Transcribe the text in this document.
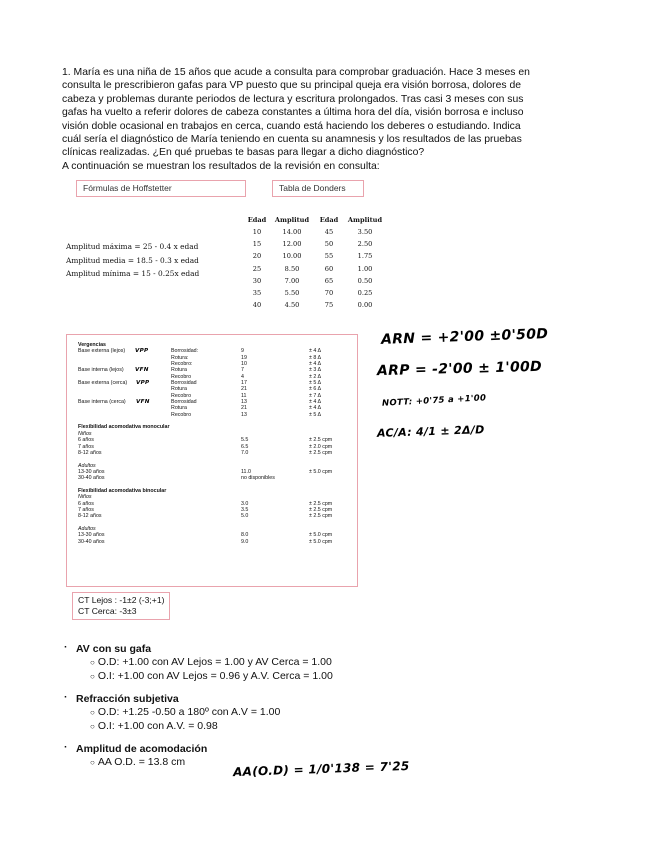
1. María es una niña de 15 años que acude a consulta para comprobar graduación. Hace 3 meses en

consulta le prescribieron gafas para VP puesto que su principal queja era visión borrosa, dolores de

cabeza y problemas durante periodos de lectura y escritura prolongados. Tras casi 3 meses con sus

gafas ha vuelto a referir dolores de cabeza constantes a última hora del día, visión borrosa e incluso

visión doble ocasional en trabajos en cerca, cuando está haciendo los deberes o estudiando. Indica

cuál sería el diagnóstico de María teniendo en cuenta su anamnesis y los resultados de las pruebas

clínicas realizadas. ¿En qué pruebas te basas para llegar a dicho diagnóstico?

A continuación se muestran los resultados de la revisión en consulta:

Fórmulas de Hoffstetter
Amplitud máxima = 25 - 0.4 x edad
Amplitud media = 18.5 - 0.3 x edad
Amplitud mínima = 15 - 0.25x edad
Tabla de Donders
Edad	Amplitud	Edad	Amplitud
10	14.00	45	3.50
15	12.00	50	2.50
20	10.00	55	1.75
25	8.50	60	1.00
30	7.00	65	0.50
35	5.50	70	0.25
40	4.50	75	0.00
Vergencias
Base externa (lejos) VPP	Borrosidad:	9	± 4 Δ
Rotura:	19	± 8 Δ
Recobro:	10	± 4 Δ
Base interna (lejos) VFN	Rotura	7	± 3 Δ
Recobro	4	± 2 Δ
Base externa (cerca) VPP	Borrosidad	17	± 5 Δ
Rotura	21	± 6 Δ
Recobro	11	± 7 Δ
Base interna (cerca) VFN	Borrosidad	13	± 4 Δ
Rotura	21	± 4 Δ
Recobro	13	± 5 Δ
Flexibilidad acomodativa monocular
Niños
6 años	5.5	± 2.5 cpm
7 años	6.5	± 2.0 cpm
8-12 años	7.0	± 2.5 cpm
Adultos
13-30 años	11.0	± 5.0 cpm
30-40 años	no disponibles
Flexibilidad acomodativa binocular
Niños
6 años	3.0	± 2.5 cpm
7 años	3.5	± 2.5 cpm
8-12 años	5.0	± 2.5 cpm
Adultos
13-30 años	8.0	± 5.0 cpm
30-40 años	9.0	± 5.0 cpm
ARN = +2'00 ±0'50D
ARP = -2'00 ± 1'00D
NOTT: +0'75 a +1'00
AC/A: 4/1 ± 2Δ/D
CT Lejos : -1±2 (-3;+1)
CT Cerca: -3±3
· AV con su gafa
○ O.D: +1.00 con AV Lejos = 1.00 y AV Cerca = 1.00
○ O.I: +1.00 con AV Lejos = 0.96 y A.V. Cerca = 1.00
· Refracción subjetiva
○ O.D: +1.25 -0.50 a 180º con A.V = 1.00
○ O.I: +1.00 con A.V. = 0.98
· Amplitud de acomodación
○ AA O.D. = 13.8 cm	AA(O.D) = 1/0'138 = 7'25
